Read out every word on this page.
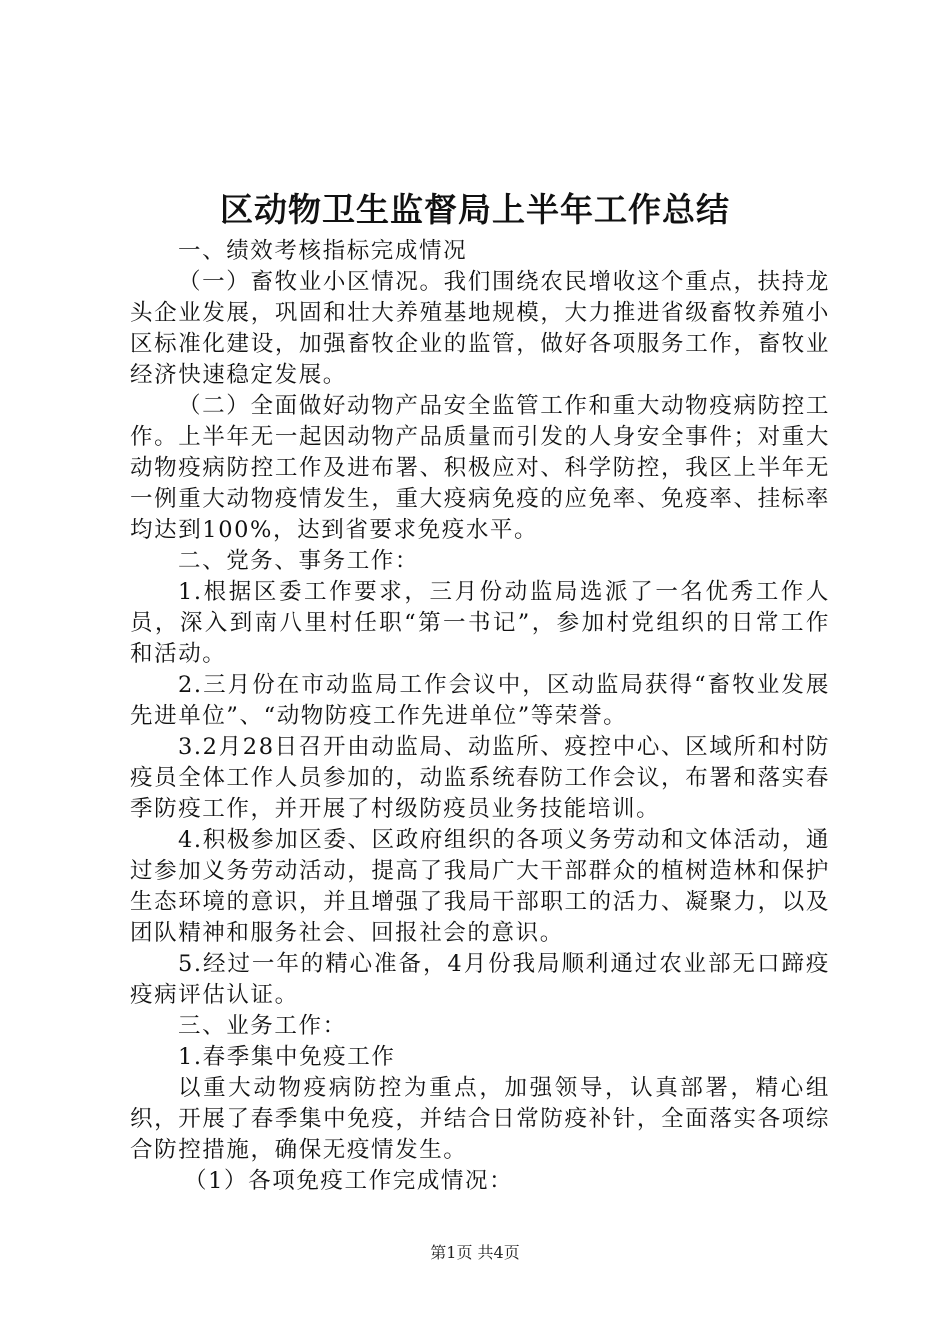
区动物卫生监督局上半年工作总结

一、绩效考核指标完成情况

（一）畜牧业小区情况。我们围绕农民增收这个重点，扶持龙头企业发展，巩固和壮大养殖基地规模，大力推进省级畜牧养殖小区标准化建设，加强畜牧企业的监管，做好各项服务工作，畜牧业经济快速稳定发展。

（二）全面做好动物产品安全监管工作和重大动物疫病防控工作。上半年无一起因动物产品质量而引发的人身安全事件；对重大动物疫病防控工作及进布署、积极应对、科学防控，我区上半年无一例重大动物疫情发生，重大疫病免疫的应免率、免疫率、挂标率均达到100%，达到省要求免疫水平。

二、党务、事务工作：

1.根据区委工作要求，三月份动监局选派了一名优秀工作人员，深入到南八里村任职“第一书记”，参加村党组织的日常工作和活动。

2.三月份在市动监局工作会议中，区动监局获得“畜牧业发展先进单位”、“动物防疫工作先进单位”等荣誉。

3.2月28日召开由动监局、动监所、疫控中心、区域所和村防疫员全体工作人员参加的，动监系统春防工作会议，布署和落实春季防疫工作，并开展了村级防疫员业务技能培训。

4.积极参加区委、区政府组织的各项义务劳动和文体活动，通过参加义务劳动活动，提高了我局广大干部群众的植树造林和保护生态环境的意识，并且增强了我局干部职工的活力、凝聚力，以及团队精神和服务社会、回报社会的意识。

5.经过一年的精心准备，4月份我局顺利通过农业部无口蹄疫疫病评估认证。

三、业务工作：

1.春季集中免疫工作

以重大动物疫病防控为重点，加强领导，认真部署，精心组织，开展了春季集中免疫，并结合日常防疫补针，全面落实各项综合防控措施，确保无疫情发生。

（1）各项免疫工作完成情况：

第1页 共4页
